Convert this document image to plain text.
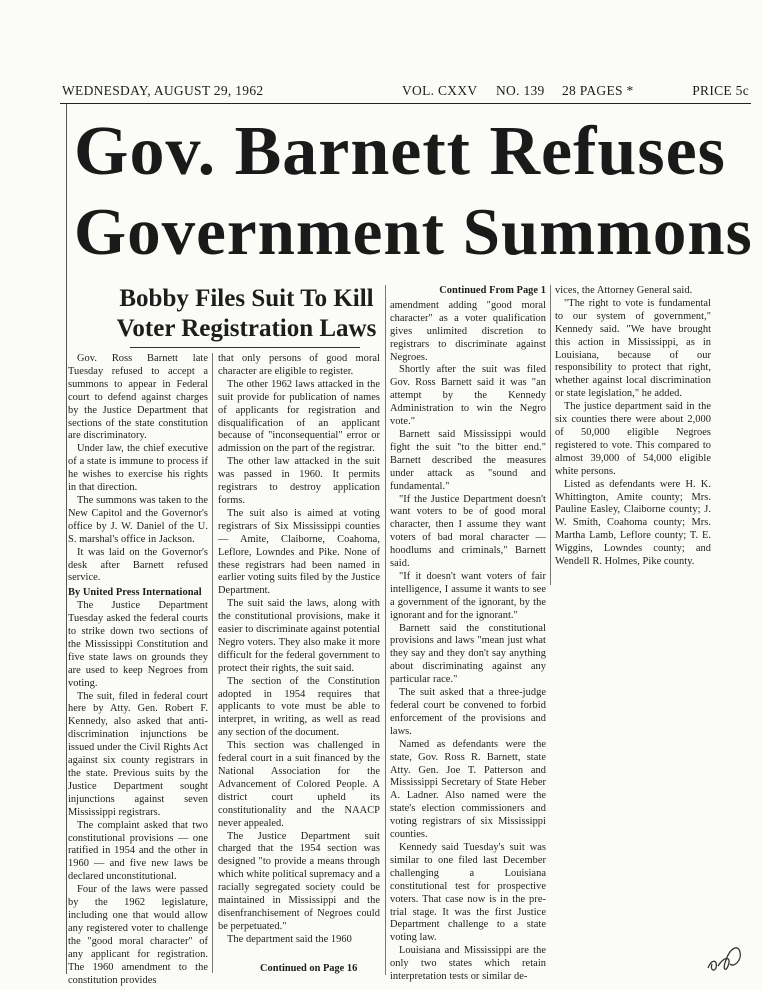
WEDNESDAY, AUGUST 29, 1962	VOL. CXXV NO. 139 28 PAGES *	PRICE 5c
Gov. Barnett Refuses
Government Summons
Bobby Files Suit To Kill
Voter Registration Laws

Gov. Ross Barnett late Tuesday refused to accept a summons to appear in Federal court to defend against charges by the Justice Department that sections of the state constitution are discriminatory.

Under law, the chief executive of a state is immune to process if he wishes to exercise his rights in that direction.

The summons was taken to the New Capitol and the Governor's office by J. W. Daniel of the U. S. marshal's office in Jackson.

It was laid on the Governor's desk after Barnett refused service.

By United Press International

The Justice Department Tuesday asked the federal courts to strike down two sections of the Mississippi Constitution and five state laws on grounds they are used to keep Negroes from voting.

The suit, filed in federal court here by Atty. Gen. Robert F. Kennedy, also asked that anti-discrimination injunctions be issued under the Civil Rights Act against six county registrars in the state. Previous suits by the Justice Department sought injunctions against seven Mississippi registrars.

The complaint asked that two constitutional provisions — one ratified in 1954 and the other in 1960 — and five new laws be declared unconstitutional.

Four of the laws were passed by the 1962 legislature, including one that would allow any registered voter to challenge the "good moral character" of any applicant for registration. The 1960 amendment to the constitution provides

that only persons of good moral character are eligible to register.

The other 1962 laws attacked in the suit provide for publication of names of applicants for registration and disqualification of an applicant because of "inconsequential" error or admission on the part of the registrar.

The other law attacked in the suit was passed in 1960. It permits registrars to destroy application forms.

The suit also is aimed at voting registrars of Six Mississippi counties — Amite, Claiborne, Coahoma, Leflore, Lowndes and Pike. None of these registrars had been named in earlier voting suits filed by the Justice Department.

The suit said the laws, along with the constitutional provisions, make it easier to discriminate against potential Negro voters. They also make it more difficult for the federal government to protect their rights, the suit said.

The section of the Constitution adopted in 1954 requires that applicants to vote must be able to interpret, in writing, as well as read any section of the document.

This section was challenged in federal court in a suit financed by the National Association for the Advancement of Colored People. A district court upheld its constitutionality and the NAACP never appealed.

The Justice Department suit charged that the 1954 section was designed "to provide a means through which white political supremacy and a racially segregated society could be maintained in Mississippi and the disenfranchisement of Negroes could be perpetuated."

The department said the 1960

Continued on Page 16

Continued From Page 1

amendment adding "good moral character" as a voter qualification gives unlimited discretion to registrars to discriminate against Negroes.

Shortly after the suit was filed Gov. Ross Barnett said it was "an attempt by the Kennedy Administration to win the Negro vote."

Barnett said Mississippi would fight the suit "to the bitter end." Barnett described the measures under attack as "sound and fundamental."

"If the Justice Department doesn't want voters to be of good moral character, then I assume they want voters of bad moral character — hoodlums and criminals," Barnett said.

"If it doesn't want voters of fair intelligence, I assume it wants to see a government of the ignorant, by the ignorant and for the ignorant."

Barnett said the constitutional provisions and laws "mean just what they say and they don't say anything about discriminating against any particular race."

The suit asked that a three-judge federal court be convened to forbid enforcement of the provisions and laws.

Named as defendants were the state, Gov. Ross R. Barnett, state Atty. Gen. Joe T. Patterson and Mississippi Secretary of State Heber A. Ladner. Also named were the state's election commissioners and voting registrars of six Mississippi counties.

Kennedy said Tuesday's suit was similar to one filed last December challenging a Louisiana constitutional test for prospective voters. That case now is in the pre-trial stage. It was the first Justice Department challenge to a state voting law.

Louisiana and Mississippi are the only two states which retain interpretation tests or similar de-

vices, the Attorney General said.

"The right to vote is fundamental to our system of government," Kennedy said. "We have brought this action in Mississippi, as in Louisiana, because of our responsibility to protect that right, whether against local discrimination or state legislation," he added.

The justice department said in the six counties there were about 2,000 of 50,000 eligible Negroes registered to vote. This compared to almost 39,000 of 54,000 eligible white persons.

Listed as defendants were H. K. Whittington, Amite county; Mrs. Pauline Easley, Claiborne county; J. W. Smith, Coahoma county; Mrs. Martha Lamb, Leflore county; T. E. Wiggins, Lowndes county; and Wendell R. Holmes, Pike county.
